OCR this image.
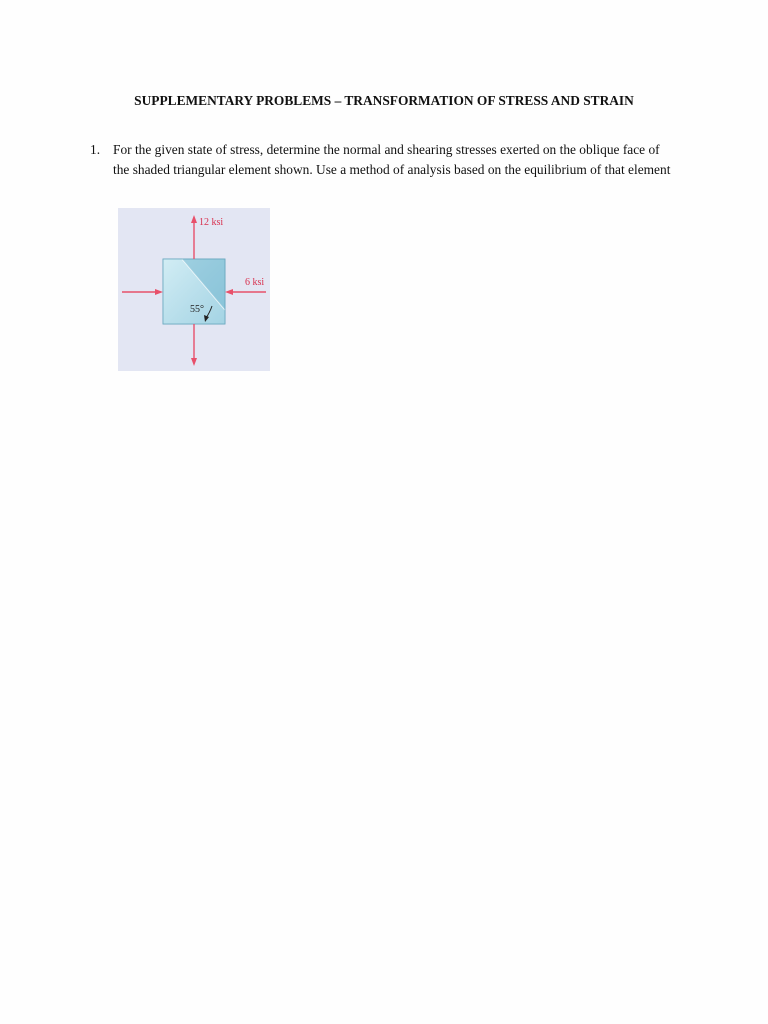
SUPPLEMENTARY PROBLEMS – TRANSFORMATION OF STRESS AND STRAIN
1. For the given state of stress, determine the normal and shearing stresses exerted on the oblique face of the shaded triangular element shown. Use a method of analysis based on the equilibrium of that element
12 ksi
6 ksi
55°
